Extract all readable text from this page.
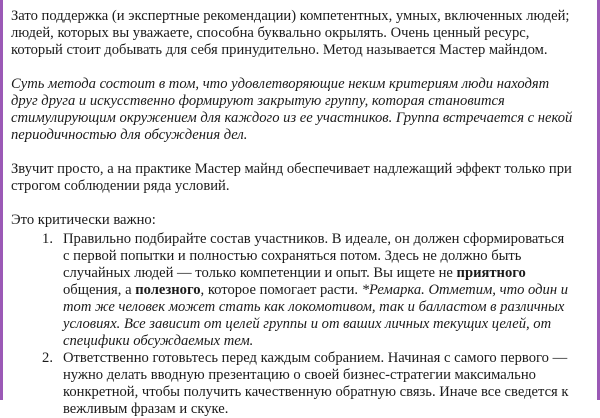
Зато поддержка (и экспертные рекомендации) компетентных, умных, включенных людей; людей, которых вы уважаете, способна буквально окрылять. Очень ценный ресурс, который стоит добывать для себя принудительно. Метод называется Мастер майндом.

Суть метода состоит в том, что удовлетворяющие неким критериям люди находят друг друга и искусственно формируют закрытую группу, которая становится стимулирующим окружением для каждого из ее участников. Группа встречается с некой периодичностью для обсуждения дел.

Звучит просто, а на практике Мастер майнд обеспечивает надлежащий эффект только при строгом соблюдении ряда условий.

Это критически важно:

1. Правильно подбирайте состав участников. В идеале, он должен сформироваться с первой попытки и полностью сохраняться потом. Здесь не должно быть случайных людей — только компетенции и опыт. Вы ищете не приятного общения, а полезного, которое помогает расти. *Ремарка. Отметим, что один и тот же человек может стать как локомотивом, так и балластом в различных условиях. Все зависит от целей группы и от ваших личных текущих целей, от специфики обсуждаемых тем.
2. Ответственно готовьтесь перед каждым собранием. Начиная с самого первого — нужно делать вводную презентацию о своей бизнес-стратегии максимально конкретной, чтобы получить качественную обратную связь. Иначе все сведется к вежливым фразам и скуке.
